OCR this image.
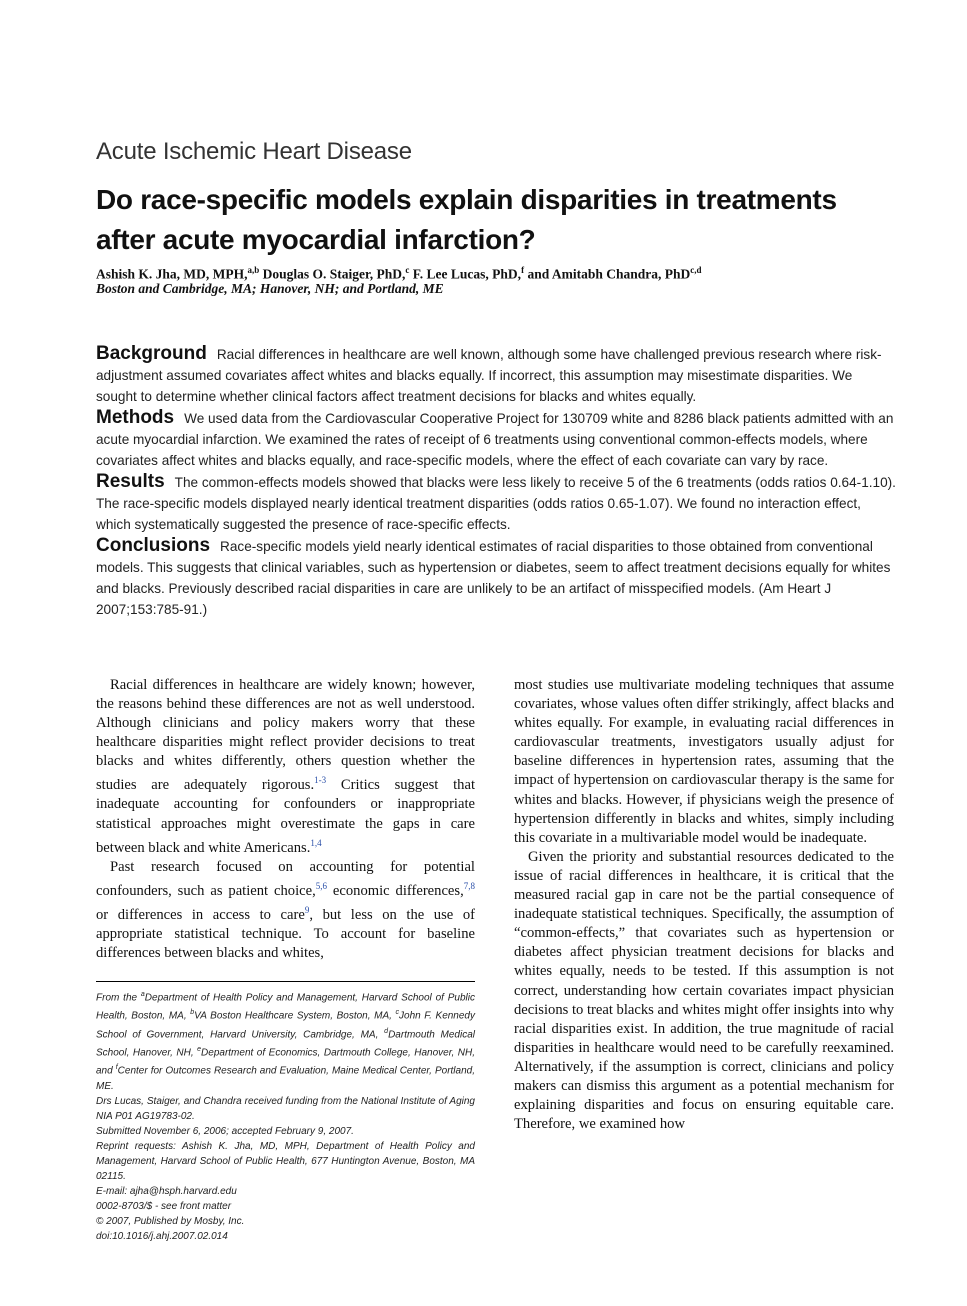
Acute Ischemic Heart Disease
Do race-specific models explain disparities in treatments after acute myocardial infarction?
Ashish K. Jha, MD, MPH,$^{a,b}$ Douglas O. Staiger, PhD,$^c$ F. Lee Lucas, PhD,$^f$ and Amitabh Chandra, PhD$^{c,d}$
Boston and Cambridge, MA; Hanover, NH; and Portland, ME

Background Racial differences in healthcare are well known, although some have challenged previous research where risk-adjustment assumed covariates affect whites and blacks equally. If incorrect, this assumption may misestimate disparities. We sought to determine whether clinical factors affect treatment decisions for blacks and whites equally.

Methods We used data from the Cardiovascular Cooperative Project for 130709 white and 8286 black patients admitted with an acute myocardial infarction. We examined the rates of receipt of 6 treatments using conventional common-effects models, where covariates affect whites and blacks equally, and race-specific models, where the effect of each covariate can vary by race.

Results The common-effects models showed that blacks were less likely to receive 5 of the 6 treatments (odds ratios 0.64-1.10). The race-specific models displayed nearly identical treatment disparities (odds ratios 0.65-1.07). We found no interaction effect, which systematically suggested the presence of race-specific effects.

Conclusions Race-specific models yield nearly identical estimates of racial disparities to those obtained from conventional models. This suggests that clinical variables, such as hypertension or diabetes, seem to affect treatment decisions equally for whites and blacks. Previously described racial disparities in care are unlikely to be an artifact of misspecified models. (Am Heart J 2007;153:785-91.)

Racial differences in healthcare are widely known; however, the reasons behind these differences are not as well understood. Although clinicians and policy makers worry that these healthcare disparities might reflect provider decisions to treat blacks and whites differently, others question whether the studies are adequately rigorous.$^{1-3}$ Critics suggest that inadequate accounting for confounders or inappropriate statistical approaches might overestimate the gaps in care between black and white Americans.$^{1,4}$

Past research focused on accounting for potential confounders, such as patient choice,$^{5,6}$ economic differences,$^{7,8}$ or differences in access to care$^9$, but less on the use of appropriate statistical technique. To account for baseline differences between blacks and whites,

From the $^a$Department of Health Policy and Management, Harvard School of Public Health, Boston, MA, $^b$VA Boston Healthcare System, Boston, MA, $^c$John F. Kennedy School of Government, Harvard University, Cambridge, MA, $^d$Dartmouth Medical School, Hanover, NH, $^e$Department of Economics, Dartmouth College, Hanover, NH, and $^f$Center for Outcomes Research and Evaluation, Maine Medical Center, Portland, ME.

Drs Lucas, Staiger, and Chandra received funding from the National Institute of Aging NIA P01 AG19783-02.

Submitted November 6, 2006; accepted February 9, 2007.

Reprint requests: Ashish K. Jha, MD, MPH, Department of Health Policy and Management, Harvard School of Public Health, 677 Huntington Avenue, Boston, MA 02115.

E-mail: ajha@hsph.harvard.edu

0002-8703/$ - see front matter

© 2007, Published by Mosby, Inc.

doi:10.1016/j.ahj.2007.02.014

most studies use multivariate modeling techniques that assume covariates, whose values often differ strikingly, affect blacks and whites equally. For example, in evaluating racial differences in cardiovascular treatments, investigators usually adjust for baseline differences in hypertension rates, assuming that the impact of hypertension on cardiovascular therapy is the same for whites and blacks. However, if physicians weigh the presence of hypertension differently in blacks and whites, simply including this covariate in a multivariable model would be inadequate.

Given the priority and substantial resources dedicated to the issue of racial differences in healthcare, it is critical that the measured racial gap in care not be the partial consequence of inadequate statistical techniques. Specifically, the assumption of “common-effects,” that covariates such as hypertension or diabetes affect physician treatment decisions for blacks and whites equally, needs to be tested. If this assumption is not correct, understanding how certain covariates impact physician decisions to treat blacks and whites might offer insights into why racial disparities exist. In addition, the true magnitude of racial disparities in healthcare would need to be carefully reexamined. Alternatively, if the assumption is correct, clinicians and policy makers can dismiss this argument as a potential mechanism for explaining disparities and focus on ensuring equitable care. Therefore, we examined how
